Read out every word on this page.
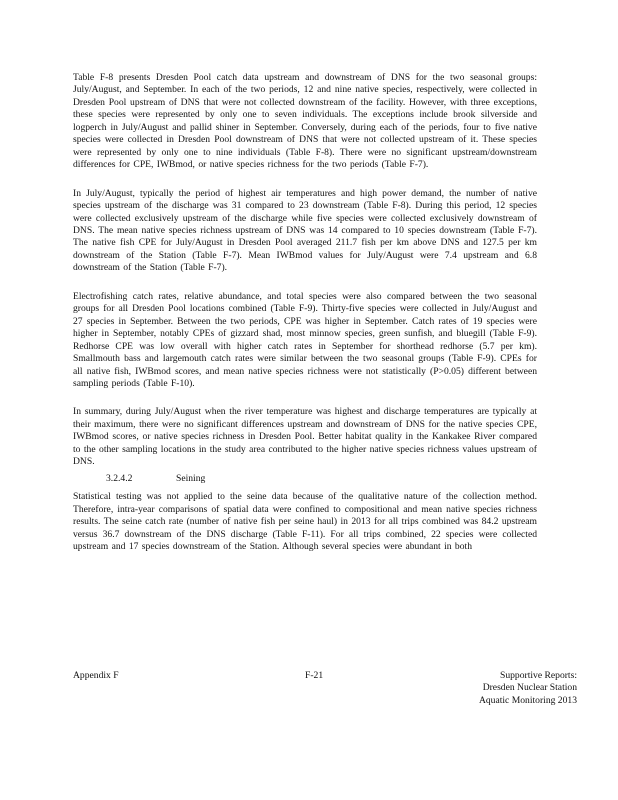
Table F-8 presents Dresden Pool catch data upstream and downstream of DNS for the two seasonal groups: July/August, and September. In each of the two periods, 12 and nine native species, respectively, were collected in Dresden Pool upstream of DNS that were not collected downstream of the facility. However, with three exceptions, these species were represented by only one to seven individuals. The exceptions include brook silverside and logperch in July/August and pallid shiner in September. Conversely, during each of the periods, four to five native species were collected in Dresden Pool downstream of DNS that were not collected upstream of it. These species were represented by only one to nine individuals (Table F-8). There were no significant upstream/downstream differences for CPE, IWBmod, or native species richness for the two periods (Table F-7).

In July/August, typically the period of highest air temperatures and high power demand, the number of native species upstream of the discharge was 31 compared to 23 downstream (Table F-8). During this period, 12 species were collected exclusively upstream of the discharge while five species were collected exclusively downstream of DNS. The mean native species richness upstream of DNS was 14 compared to 10 species downstream (Table F-7). The native fish CPE for July/August in Dresden Pool averaged 211.7 fish per km above DNS and 127.5 per km downstream of the Station (Table F-7). Mean IWBmod values for July/August were 7.4 upstream and 6.8 downstream of the Station (Table F-7).

Electrofishing catch rates, relative abundance, and total species were also compared between the two seasonal groups for all Dresden Pool locations combined (Table F-9). Thirty-five species were collected in July/August and 27 species in September. Between the two periods, CPE was higher in September. Catch rates of 19 species were higher in September, notably CPEs of gizzard shad, most minnow species, green sunfish, and bluegill (Table F-9). Redhorse CPE was low overall with higher catch rates in September for shorthead redhorse (5.7 per km). Smallmouth bass and largemouth catch rates were similar between the two seasonal groups (Table F-9). CPEs for all native fish, IWBmod scores, and mean native species richness were not statistically (P>0.05) different between sampling periods (Table F-10).

In summary, during July/August when the river temperature was highest and discharge temperatures are typically at their maximum, there were no significant differences upstream and downstream of DNS for the native species CPE, IWBmod scores, or native species richness in Dresden Pool. Better habitat quality in the Kankakee River compared to the other sampling locations in the study area contributed to the higher native species richness values upstream of DNS.

3.2.4.2	Seining

Statistical testing was not applied to the seine data because of the qualitative nature of the collection method. Therefore, intra-year comparisons of spatial data were confined to compositional and mean native species richness results. The seine catch rate (number of native fish per seine haul) in 2013 for all trips combined was 84.2 upstream versus 36.7 downstream of the DNS discharge (Table F-11). For all trips combined, 22 species were collected upstream and 17 species downstream of the Station. Although several species were abundant in both

Appendix F	F-21	Supportive Reports:
Dresden Nuclear Station
Aquatic Monitoring 2013
